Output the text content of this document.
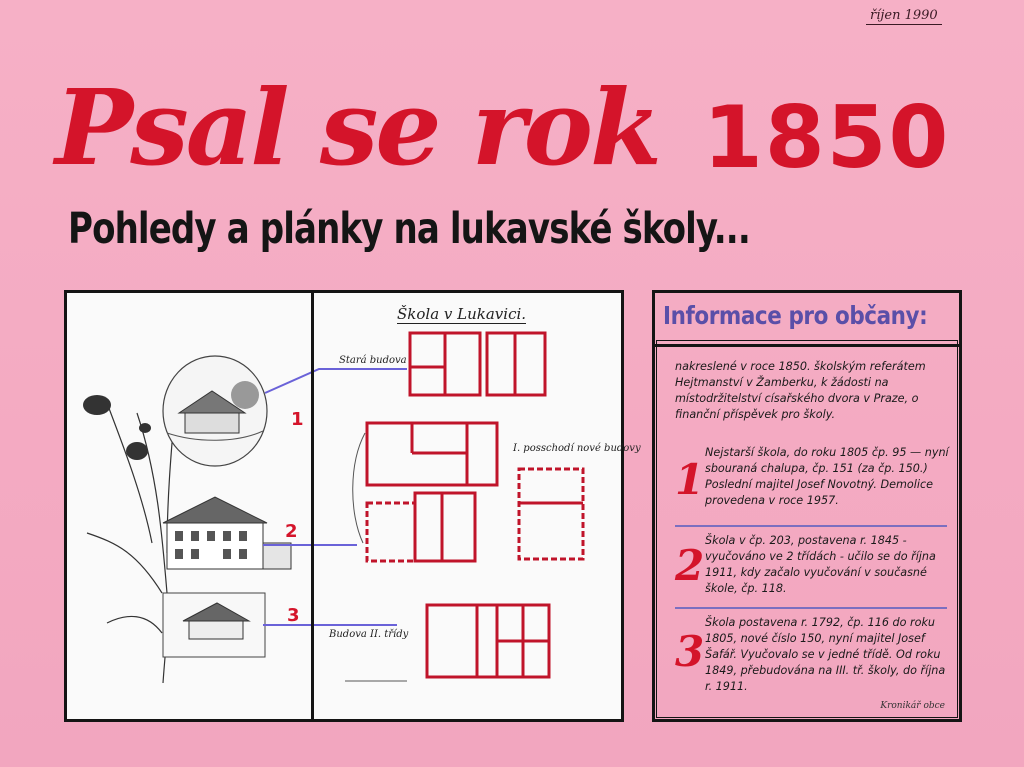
říjen 1990
Psal se rok 1850
Pohledy a plánky na lukavské školy...
Škola v Lukavici.
Stará budova
I. posschodí nové budovy
Budova II. třídy
1
2
3
Informace pro občany:
nakreslené v roce 1850. školským referátem Hejtmanství v Žamberku, k žádosti na místodržitelství císařského dvora v Praze, o finanční příspěvek pro školy.
1
Nejstarší škola, do roku 1805 čp. 95 — nyní sbouraná chalupa, čp. 151 (za čp. 150.) Poslední majitel Josef Novotný. Demolice provedena v roce 1957.
2
Škola v čp. 203, postavena r. 1845 - vyučováno ve 2 třídách - učilo se do října 1911, kdy začalo vyučování v současné škole, čp. 118.
3
Škola postavena r. 1792, čp. 116 do roku 1805, nové číslo 150, nyní majitel Josef Šafář. Vyučovalo se v jedné třídě. Od roku 1849, přebudována na III. tř. školy, do října r. 1911.
Kronikář obce
